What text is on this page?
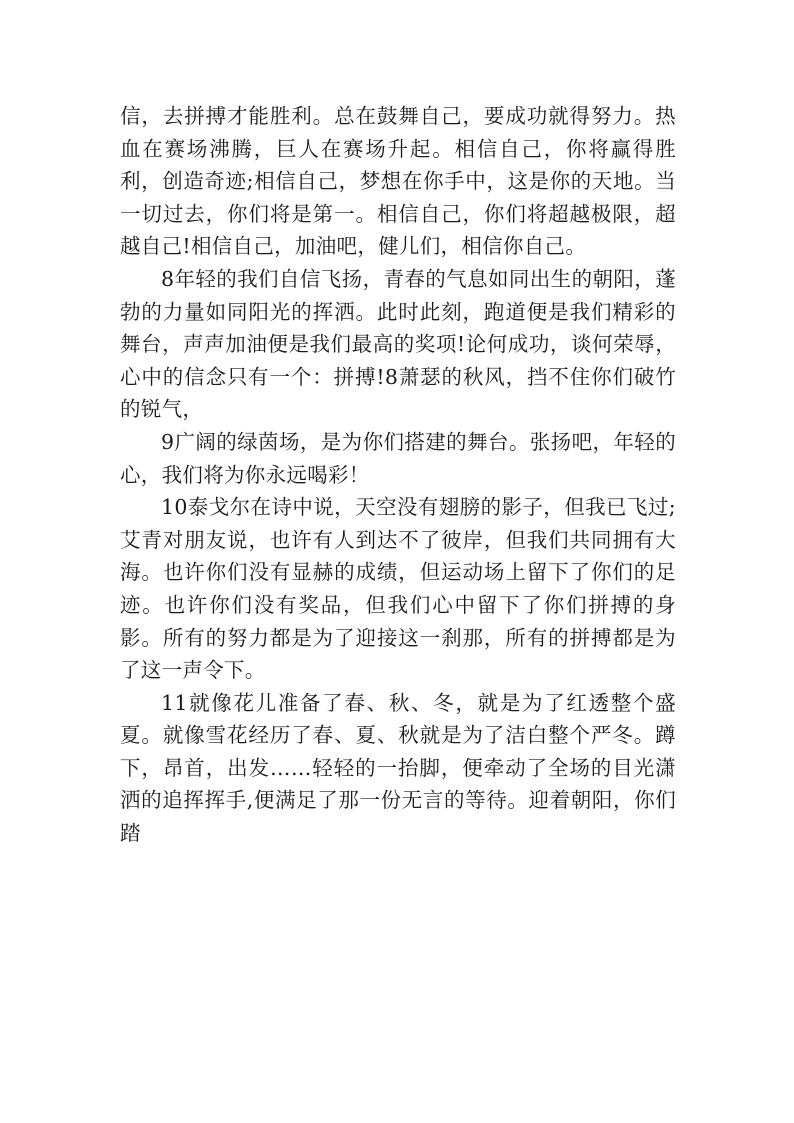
信，去拼搏才能胜利。总在鼓舞自己，要成功就得努力。热血在赛场沸腾，巨人在赛场升起。相信自己，你将赢得胜利，创造奇迹;相信自己，梦想在你手中，这是你的天地。当一切过去，你们将是第一。相信自己，你们将超越极限，超越自己!相信自己，加油吧，健儿们，相信你自己。

8年轻的我们自信飞扬，青春的气息如同出生的朝阳，蓬勃的力量如同阳光的挥洒。此时此刻，跑道便是我们精彩的舞台，声声加油便是我们最高的奖项!论何成功，谈何荣辱，心中的信念只有一个：拼搏!8萧瑟的秋风，挡不住你们破竹的锐气，

9广阔的绿茵场，是为你们搭建的舞台。张扬吧，年轻的心，我们将为你永远喝彩！

10泰戈尔在诗中说，天空没有翅膀的影子，但我已飞过;艾青对朋友说，也许有人到达不了彼岸，但我们共同拥有大海。也许你们没有显赫的成绩，但运动场上留下了你们的足迹。也许你们没有奖品，但我们心中留下了你们拼搏的身影。所有的努力都是为了迎接这一刹那，所有的拼搏都是为了这一声令下。

11就像花儿准备了春、秋、冬，就是为了红透整个盛夏。就像雪花经历了春、夏、秋就是为了洁白整个严冬。蹲下，昂首，出发……轻轻的一抬脚，便牵动了全场的目光潇洒的追挥挥手,便满足了那一份无言的等待。迎着朝阳，你们踏
